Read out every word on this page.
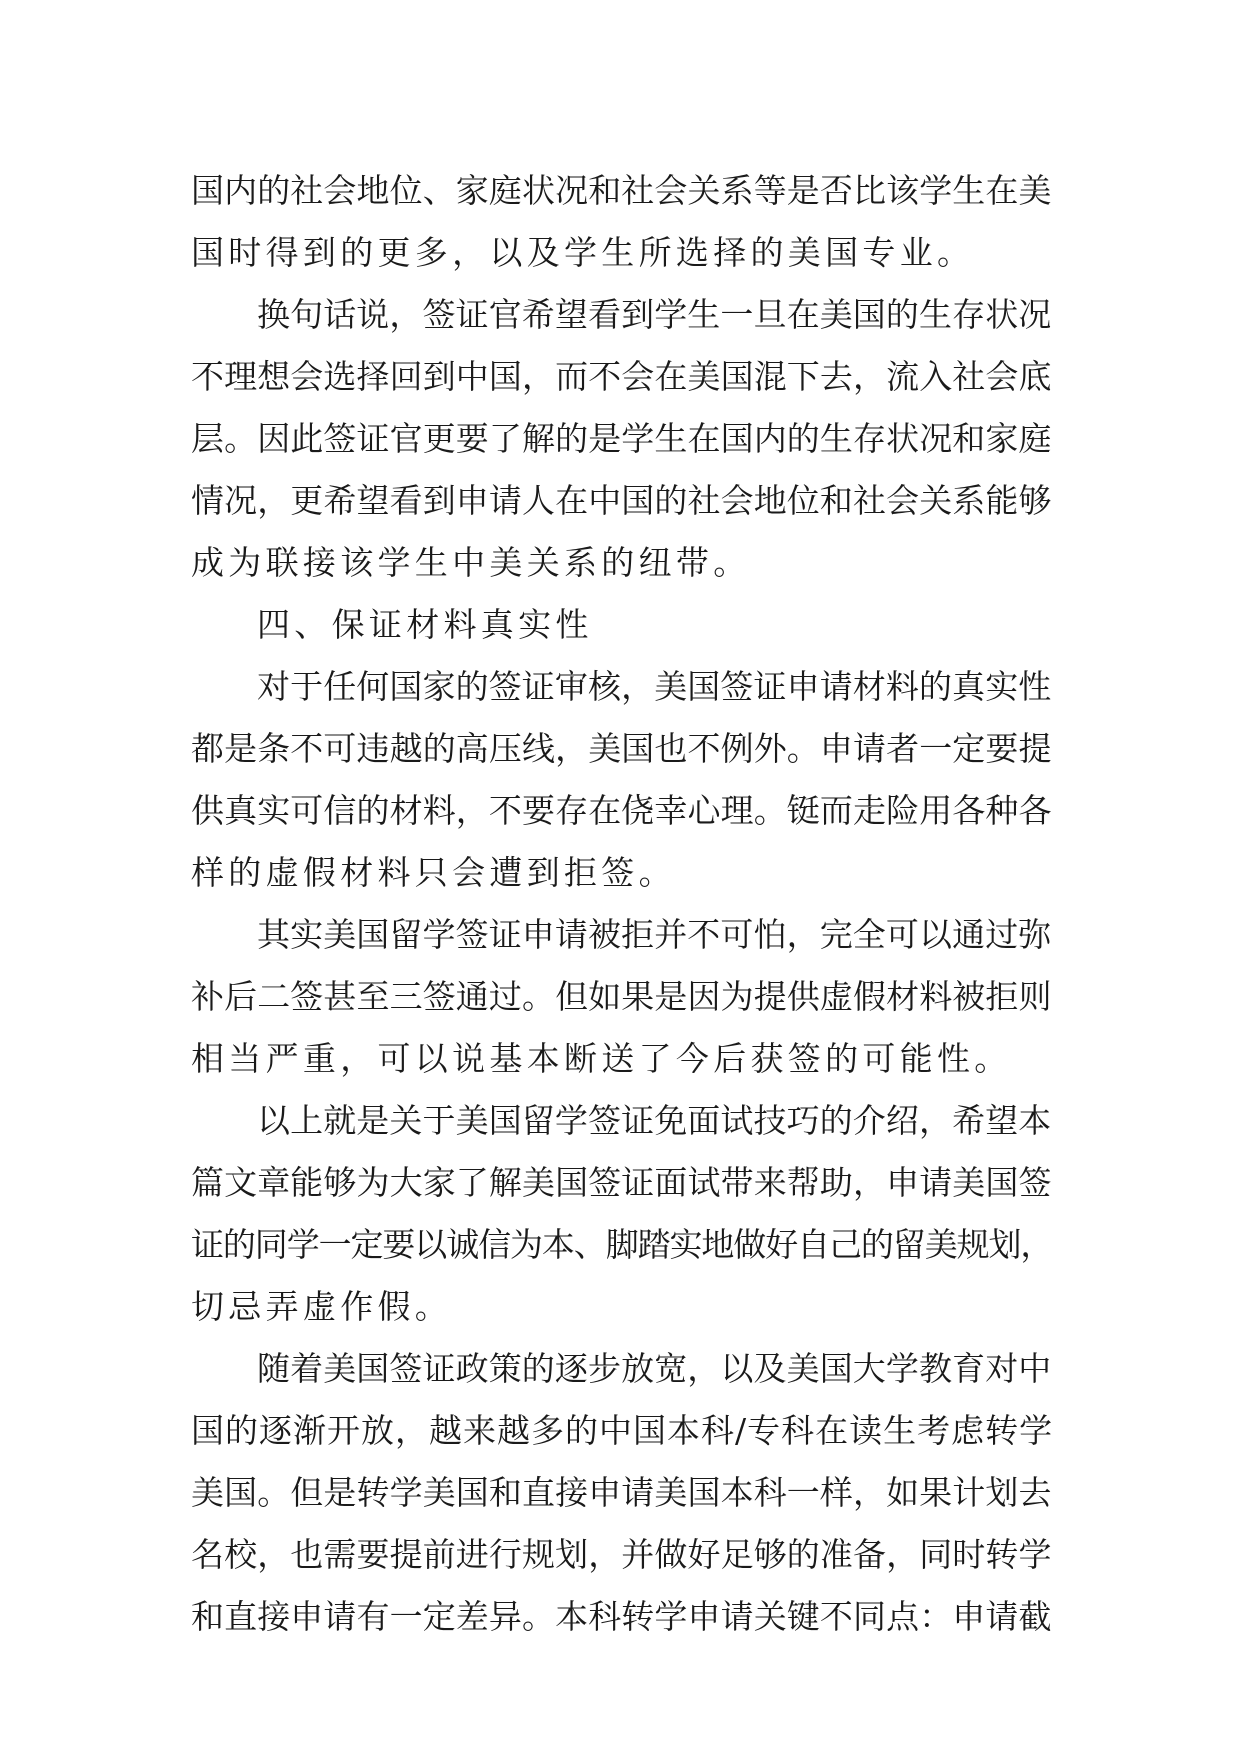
国内的社会地位、家庭状况和社会关系等是否比该学生在美
国时得到的更多，以及学生所选择的美国专业。
换句话说，签证官希望看到学生一旦在美国的生存状况
不理想会选择回到中国，而不会在美国混下去，流入社会底
层。因此签证官更要了解的是学生在国内的生存状况和家庭
情况，更希望看到申请人在中国的社会地位和社会关系能够
成为联接该学生中美关系的纽带。
四、保证材料真实性
对于任何国家的签证审核，美国签证申请材料的真实性
都是条不可违越的高压线，美国也不例外。申请者一定要提
供真实可信的材料，不要存在侥幸心理。铤而走险用各种各
样的虚假材料只会遭到拒签。
其实美国留学签证申请被拒并不可怕，完全可以通过弥
补后二签甚至三签通过。但如果是因为提供虚假材料被拒则
相当严重，可以说基本断送了今后获签的可能性。
以上就是关于美国留学签证免面试技巧的介绍，希望本
篇文章能够为大家了解美国签证面试带来帮助，申请美国签
证的同学一定要以诚信为本、脚踏实地做好自己的留美规划，
切忌弄虚作假。
随着美国签证政策的逐步放宽，以及美国大学教育对中
国的逐渐开放，越来越多的中国本科/专科在读生考虑转学
美国。但是转学美国和直接申请美国本科一样，如果计划去
名校，也需要提前进行规划，并做好足够的准备，同时转学
和直接申请有一定差异。本科转学申请关键不同点：申请截
